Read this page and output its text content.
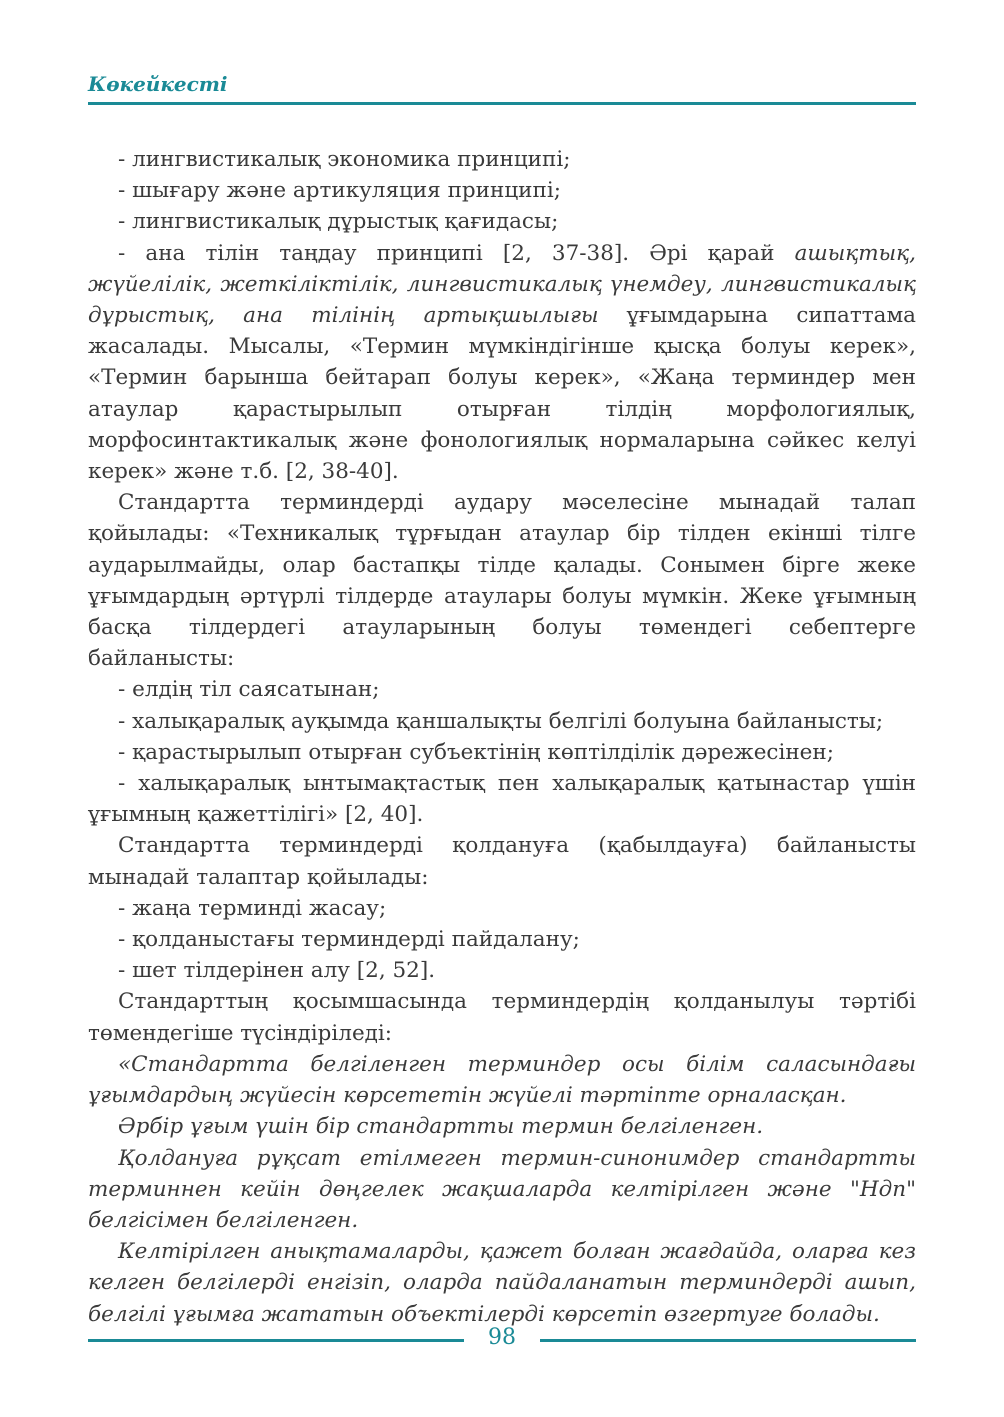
Көкейкесті

- лингвистикалық экономика принципі;

- шығару және артикуляция принципі;

- лингвистикалық дұрыстық қағидасы;

- ана тілін таңдау принципі [2, 37-38]. Әрі қарай ашықтық, жүйелілік, жеткіліктілік, лингвистикалық үнемдеу, лингвистикалық дұрыстық, ана тілінің артықшылығы ұғымдарына сипаттама жасалады. Мысалы, «Термин мүмкіндігінше қысқа болуы керек», «Термин барынша бейтарап болуы керек», «Жаңа терминдер мен атаулар қарастырылып отырған тілдің морфологиялық, морфосинтактикалық және фонологиялық нормаларына сәйкес келуі керек» және т.б. [2, 38-40].

Стандартта терминдерді аудару мәселесіне мынадай талап қойылады: «Техникалық тұрғыдан атаулар бір тілден екінші тілге аударылмайды, олар бастапқы тілде қалады. Сонымен бірге жеке ұғымдардың әртүрлі тілдерде атаулары болуы мүмкін. Жеке ұғымның басқа тілдердегі атауларының болуы төмендегі себептерге байланысты:

- елдің тіл саясатынан;

- халықаралық ауқымда қаншалықты белгілі болуына байланысты;

- қарастырылып отырған субъектінің көптілділік дәрежесінен;

- халықаралық ынтымақтастық пен халықаралық қатынастар үшін ұғымның қажеттілігі» [2, 40].

Стандартта терминдерді қолдануға (қабылдауға) байланысты мынадай талаптар қойылады:

- жаңа терминді жасау;

- қолданыстағы терминдерді пайдалану;

- шет тілдерінен алу [2, 52].

Стандарттың қосымшасында терминдердің қолданылуы тәртібі төмендегіше түсіндіріледі:

«Стандартта белгіленген терминдер осы білім саласындағы ұғымдардың жүйесін көрсететін жүйелі тәртіпте орналасқан.

Әрбір ұғым үшін бір стандартты термин белгіленген.

Қолдануға рұқсат етілмеген термин-синонимдер стандартты терминнен кейін дөңгелек жақшаларда келтірілген және "Ндп" белгісімен белгіленген.

Келтірілген анықтамаларды, қажет болған жағдайда, оларға кез келген белгілерді енгізіп, оларда пайдаланатын терминдерді ашып, белгілі ұғымға жататын объектілерді көрсетіп өзгертуге болады.

98
